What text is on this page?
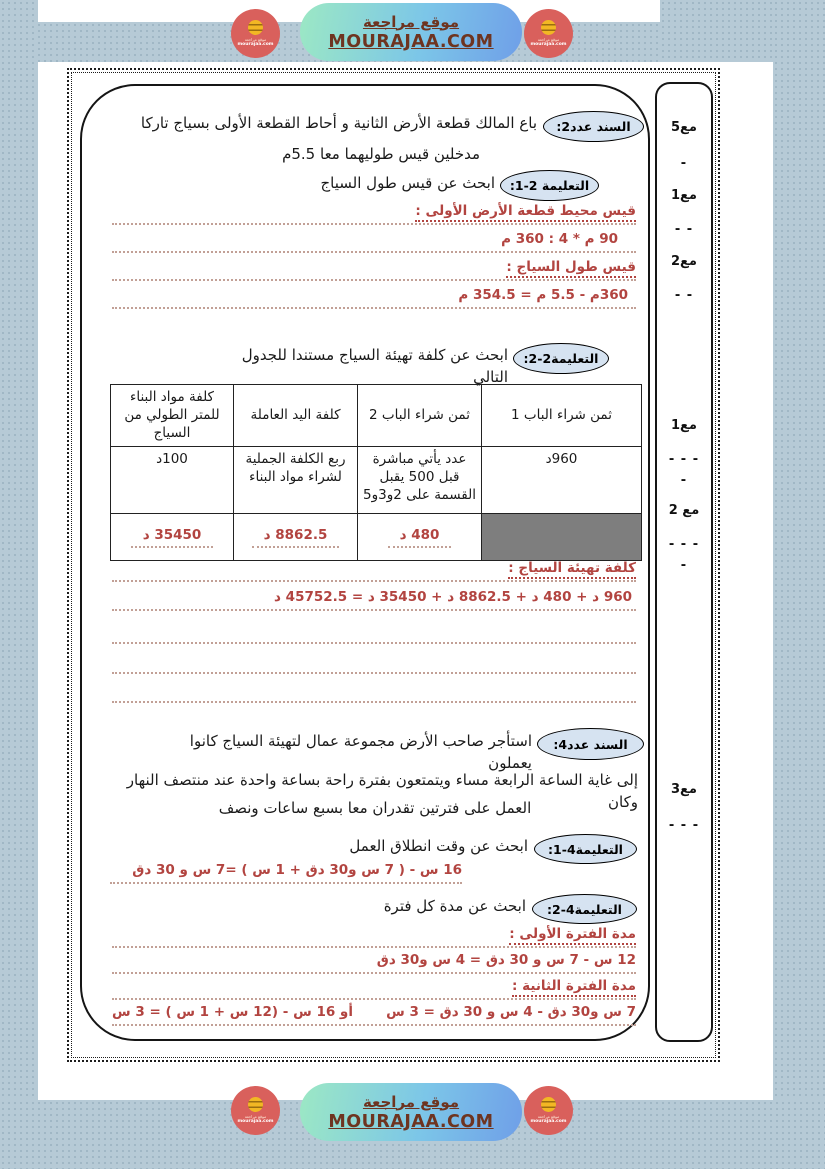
موقع مراجعة
MOURAJAA.COM
موقع مراجعة
mourajaa.com
موقع مراجعة
mourajaa.com
مع5
-
مع1
- -
مع2
- -
مع1
- - -
-
مع 2
- - -
-
مع3
- - -
السند عدد2:
باع المالك قطعة الأرض الثانية و أحاط القطعة الأولى بسياج تاركا
مدخلين قيس طوليهما معا 5.5م
التعليمة 2-1:
ابحث عن قيس طول السياج
قيس محيط قطعة الأرض الأولى :
90 م * 4 : 360 م
قيس طول السياج :
360م - 5.5 م = 354.5 م
التعليمة2-2:
ابحث عن كلفة تهيئة السياج مستندا للجدول التالي
ثمن شراء الباب 1	ثمن شراء الباب 2	كلفة اليد العاملة	كلفة مواد البناء للمتر الطولي من السياج
960د	عدد يأتي مباشرة قبل 500 يقبل القسمة على 2و3و5	ربع الكلفة الجملية لشراء مواد البناء	100د
	480 د	8862.5 د	35450 د
كلفة تهيئة السياج :
960 د + 480 د + 8862.5 د + 35450 د = 45752.5 د
السند عدد4:
استأجر صاحب الأرض مجموعة عمال لتهيئة السياج كانوا يعملون
إلى غاية الساعة الرابعة مساء ويتمتعون بفترة راحة بساعة واحدة عند منتصف النهار وكان
العمل على فترتين تقدران معا بسبع ساعات ونصف
التعليمة4-1:
ابحث عن وقت انطلاق العمل
16 س - ( 7 س و30 دق + 1 س ) =7 س و 30 دق
التعليمة4-2:
ابحث عن مدة كل فترة
مدة الفترة الأولى :
12 س - 7 س و 30 دق = 4 س و30 دق
مدة الفترة الثانية :
7 س و30 دق - 4 س و 30 دق = 3 س
أو 16 س - (12 س + 1 س ) = 3 س
موقع مراجعة
MOURAJAA.COM
موقع مراجعة
mourajaa.com
موقع مراجعة
mourajaa.com
